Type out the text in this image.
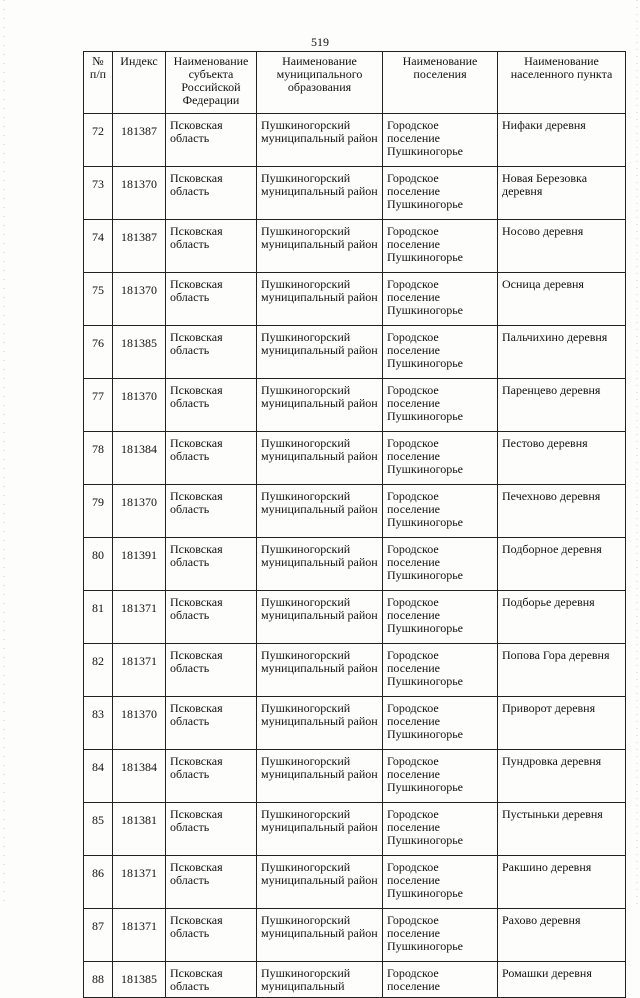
519
№ п/п	Индекс	Наименование субъекта Российской Федерации	Наименование муниципального образования	Наименование поселения	Наименование населенного пункта
72	181387	Псковская область	Пушкиногорский муниципальный район	Городское поселение Пушкиногорье	Нифаки деревня
73	181370	Псковская область	Пушкиногорский муниципальный район	Городское поселение Пушкиногорье	Новая Березовка деревня
74	181387	Псковская область	Пушкиногорский муниципальный район	Городское поселение Пушкиногорье	Носово деревня
75	181370	Псковская область	Пушкиногорский муниципальный район	Городское поселение Пушкиногорье	Осница деревня
76	181385	Псковская область	Пушкиногорский муниципальный район	Городское поселение Пушкиногорье	Пальчихино деревня
77	181370	Псковская область	Пушкиногорский муниципальный район	Городское поселение Пушкиногорье	Паренцево деревня
78	181384	Псковская область	Пушкиногорский муниципальный район	Городское поселение Пушкиногорье	Пестово деревня
79	181370	Псковская область	Пушкиногорский муниципальный район	Городское поселение Пушкиногорье	Печехново деревня
80	181391	Псковская область	Пушкиногорский муниципальный район	Городское поселение Пушкиногорье	Подборное деревня
81	181371	Псковская область	Пушкиногорский муниципальный район	Городское поселение Пушкиногорье	Подборье деревня
82	181371	Псковская область	Пушкиногорский муниципальный район	Городское поселение Пушкиногорье	Попова Гора деревня
83	181370	Псковская область	Пушкиногорский муниципальный район	Городское поселение Пушкиногорье	Приворот деревня
84	181384	Псковская область	Пушкиногорский муниципальный район	Городское поселение Пушкиногорье	Пундровка деревня
85	181381	Псковская область	Пушкиногорский муниципальный район	Городское поселение Пушкиногорье	Пустыньки деревня
86	181371	Псковская область	Пушкиногорский муниципальный район	Городское поселение Пушкиногорье	Ракшино деревня
87	181371	Псковская область	Пушкиногорский муниципальный район	Городское поселение Пушкиногорье	Рахово деревня
88	181385	Псковская область	Пушкиногорский муниципальный	Городское поселение	Ромашки деревня
